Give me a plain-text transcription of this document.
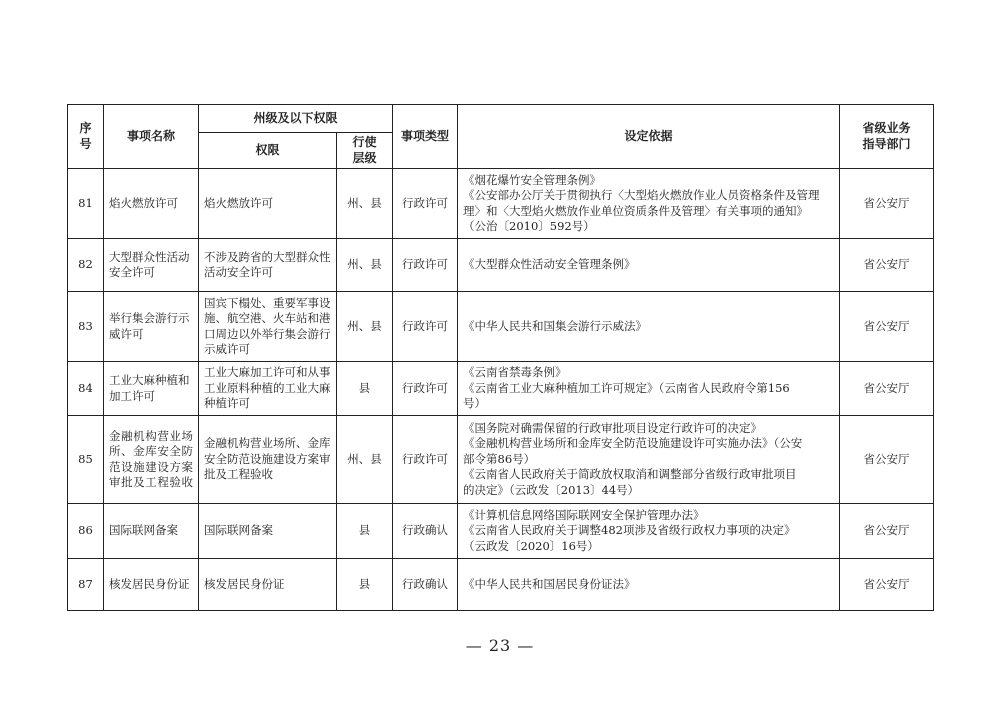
序
号	事项名称	州级及以下权限		事项类型	设定依据	省级业务
指导部门
		权限	行使
层级			
81	焰火燃放许可	焰火燃放许可	州、县	行政许可	《烟花爆竹安全管理条例》
《公安部办公厅关于贯彻执行〈大型焰火燃放作业人员资格条件及管理
理〉和〈大型焰火燃放作业单位资质条件及管理〉有关事项的通知》
（公治〔2010〕592号）	省公安厅
82	大型群众性活动安全许可	不涉及跨省的大型群众性活动安全许可	州、县	行政许可	《大型群众性活动安全管理条例》	省公安厅
83	举行集会游行示威许可	国宾下榻处、重要军事设施、航空港、火车站和港口周边以外举行集会游行示威许可	州、县	行政许可	《中华人民共和国集会游行示威法》	省公安厅
84	工业大麻种植和加工许可	工业大麻加工许可和从事工业原料种植的工业大麻种植许可	县	行政许可	《云南省禁毒条例》
《云南省工业大麻种植加工许可规定》（云南省人民政府令第156
号）	省公安厅
85	金融机构营业场所、金库安全防范设施建设方案审批及工程验收	金融机构营业场所、金库安全防范设施建设方案审批及工程验收	州、县	行政许可	《国务院对确需保留的行政审批项目设定行政许可的决定》
《金融机构营业场所和金库安全防范设施建设许可实施办法》（公安
部令第86号）
《云南省人民政府关于简政放权取消和调整部分省级行政审批项目
的决定》（云政发〔2013〕44号）	省公安厅
86	国际联网备案	国际联网备案	县	行政确认	《计算机信息网络国际联网安全保护管理办法》
《云南省人民政府关于调整482项涉及省级行政权力事项的决定》
（云政发〔2020〕16号）	省公安厅
87	核发居民身份证	核发居民身份证	县	行政确认	《中华人民共和国居民身份证法》	省公安厅
— 23 —
